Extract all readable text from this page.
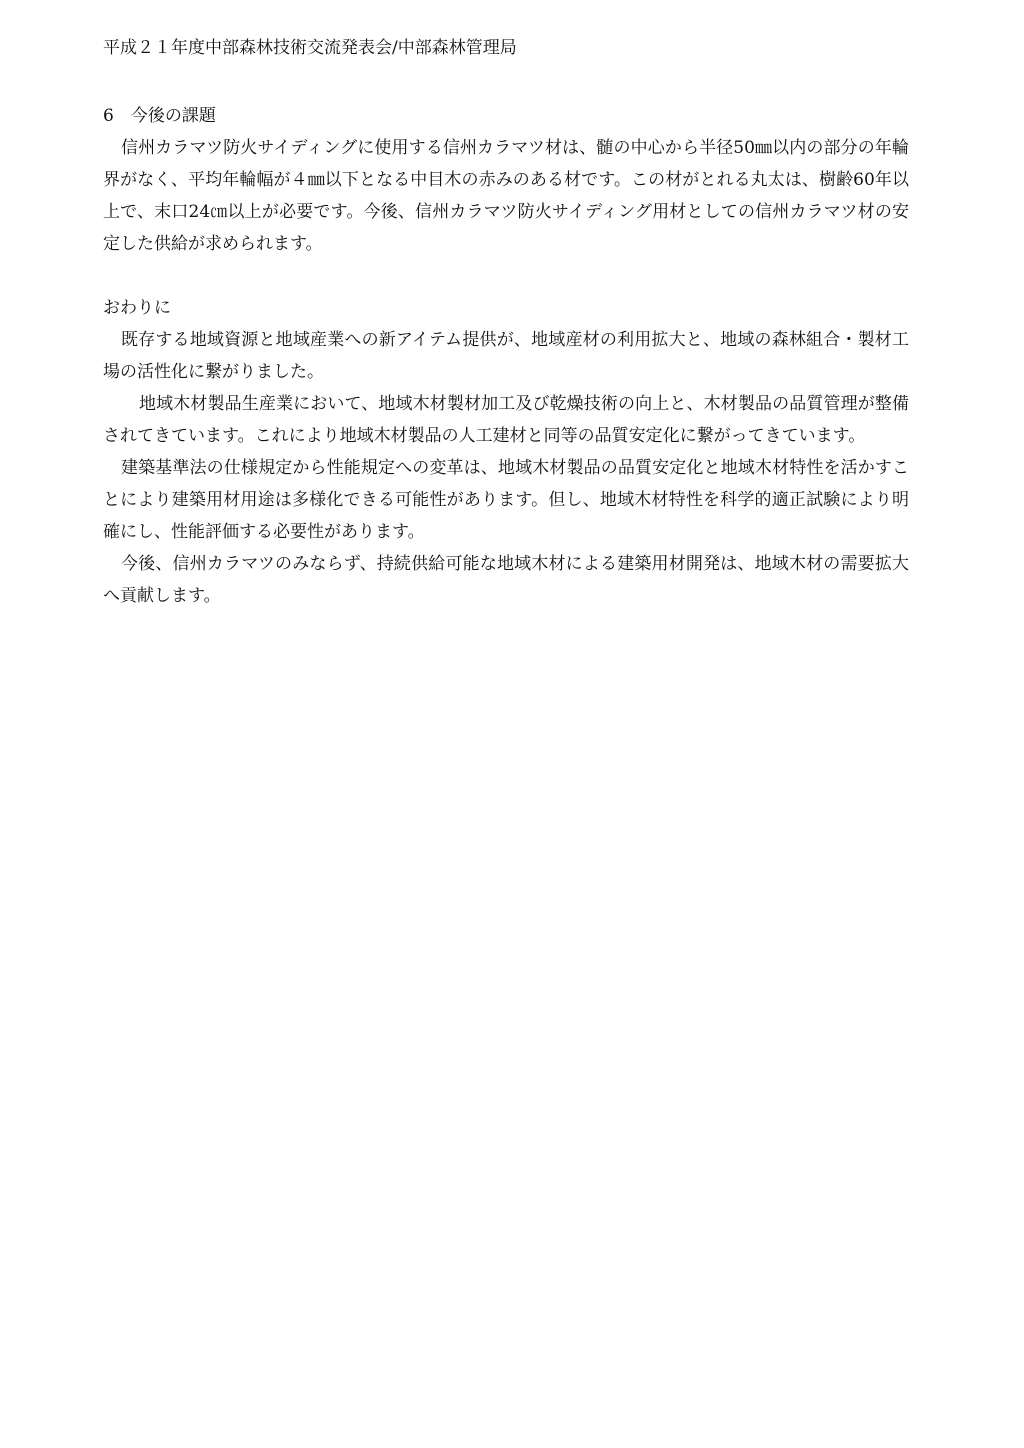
平成２１年度中部森林技術交流発表会/中部森林管理局
6　今後の課題

信州カラマツ防火サイディングに使用する信州カラマツ材は、髄の中心から半径50㎜以内の部分の年輪界がなく、平均年輪幅が４㎜以下となる中目木の赤みのある材です。この材がとれる丸太は、樹齢60年以上で、末口24㎝以上が必要です。今後、信州カラマツ防火サイディング用材としての信州カラマツ材の安定した供給が求められます。

おわりに

既存する地域資源と地域産業への新アイテム提供が、地域産材の利用拡大と、地域の森林組合・製材工場の活性化に繋がりました。

地域木材製品生産業において、地域木材製材加工及び乾燥技術の向上と、木材製品の品質管理が整備されてきています。これにより地域木材製品の人工建材と同等の品質安定化に繋がってきています。

建築基準法の仕様規定から性能規定への変革は、地域木材製品の品質安定化と地域木材特性を活かすことにより建築用材用途は多様化できる可能性があります。但し、地域木材特性を科学的適正試験により明確にし、性能評価する必要性があります。

今後、信州カラマツのみならず、持続供給可能な地域木材による建築用材開発は、地域木材の需要拡大へ貢献します。
